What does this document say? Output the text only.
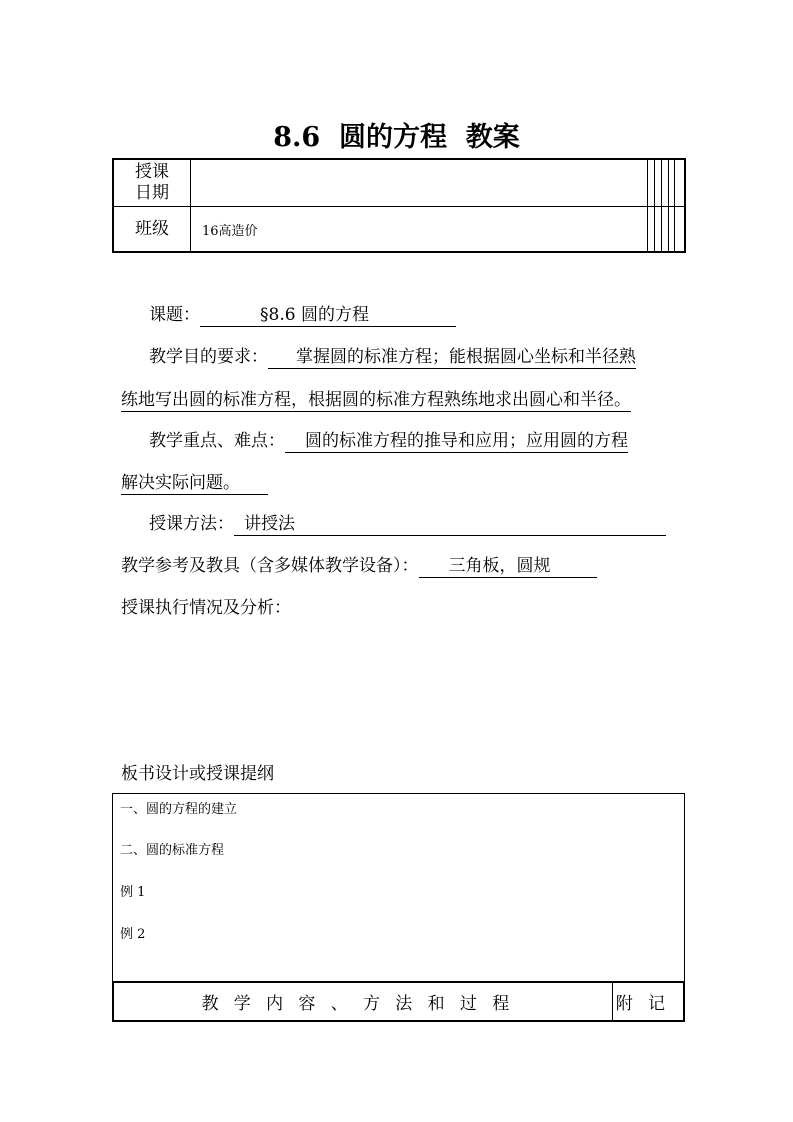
8.6  圆的方程  教案
授课
日期						

班级	16高造价					
课题：	§8.6 圆的方程
教学目的要求： 掌握圆的标准方程；能根据圆心坐标和半径熟
练地写出圆的标准方程，根据圆的标准方程熟练地求出圆心和半径。
教学重点、难点： 圆的标准方程的推导和应用；应用圆的方程
解决实际问题。
授课方法： 讲授法
教学参考及教具（含多媒体教学设备）： 三角板，圆规
授课执行情况及分析：
板书设计或授课提纲
一、圆的方程的建立
二、圆的标准方程
例 1
例 2
教学内容、方法和过程	附记
